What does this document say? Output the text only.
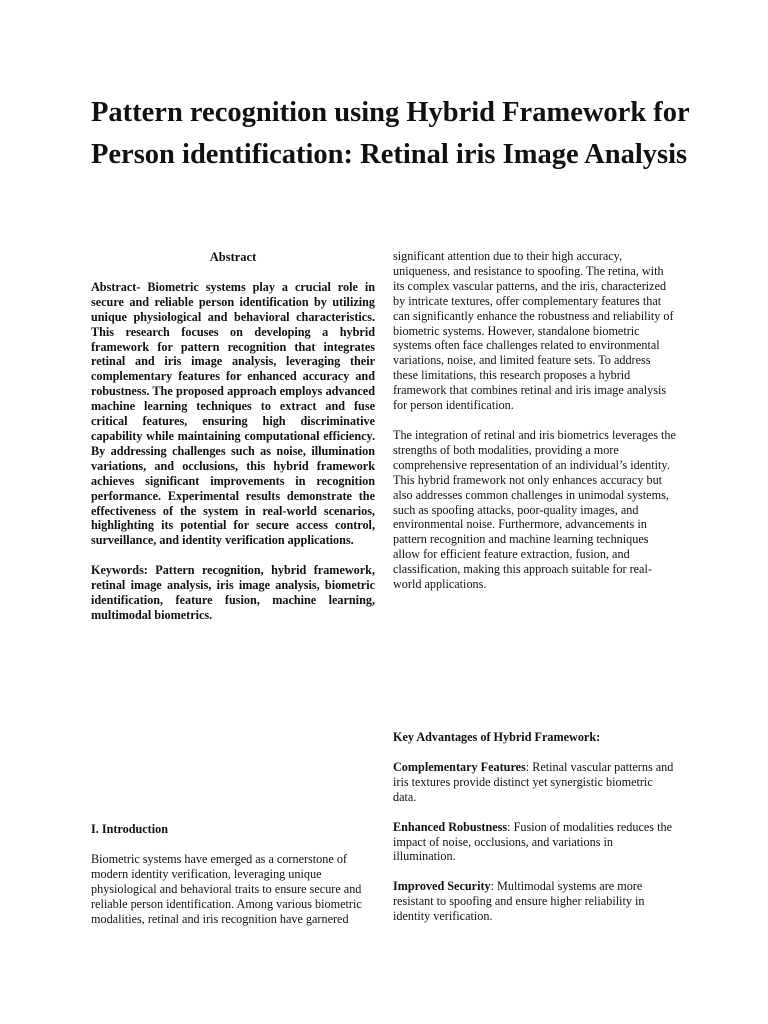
Pattern recognition using Hybrid Framework for Person identification: Retinal iris Image Analysis
Abstract

Abstract- Biometric systems play a crucial role in secure and reliable person identification by utilizing unique physiological and behavioral characteristics. This research focuses on developing a hybrid framework for pattern recognition that integrates retinal and iris image analysis, leveraging their complementary features for enhanced accuracy and robustness. The proposed approach employs advanced machine learning techniques to extract and fuse critical features, ensuring high discriminative capability while maintaining computational efficiency. By addressing challenges such as noise, illumination variations, and occlusions, this hybrid framework achieves significant improvements in recognition performance. Experimental results demonstrate the effectiveness of the system in real-world scenarios, highlighting its potential for secure access control, surveillance, and identity verification applications.

Keywords: Pattern recognition, hybrid framework, retinal image analysis, iris image analysis, biometric identification, feature fusion, machine learning, multimodal biometrics.

I. Introduction

Biometric systems have emerged as a cornerstone of modern identity verification, leveraging unique physiological and behavioral traits to ensure secure and reliable person identification. Among various biometric modalities, retinal and iris recognition have garnered

significant attention due to their high accuracy, uniqueness, and resistance to spoofing. The retina, with its complex vascular patterns, and the iris, characterized by intricate textures, offer complementary features that can significantly enhance the robustness and reliability of biometric systems. However, standalone biometric systems often face challenges related to environmental variations, noise, and limited feature sets. To address these limitations, this research proposes a hybrid framework that combines retinal and iris image analysis for person identification.

The integration of retinal and iris biometrics leverages the strengths of both modalities, providing a more comprehensive representation of an individual’s identity. This hybrid framework not only enhances accuracy but also addresses common challenges in unimodal systems, such as spoofing attacks, poor-quality images, and environmental noise. Furthermore, advancements in pattern recognition and machine learning techniques allow for efficient feature extraction, fusion, and classification, making this approach suitable for real-world applications.

Key Advantages of Hybrid Framework:

Complementary Features: Retinal vascular patterns and iris textures provide distinct yet synergistic biometric data.

Enhanced Robustness: Fusion of modalities reduces the impact of noise, occlusions, and variations in illumination.

Improved Security: Multimodal systems are more resistant to spoofing and ensure higher reliability in identity verification.
